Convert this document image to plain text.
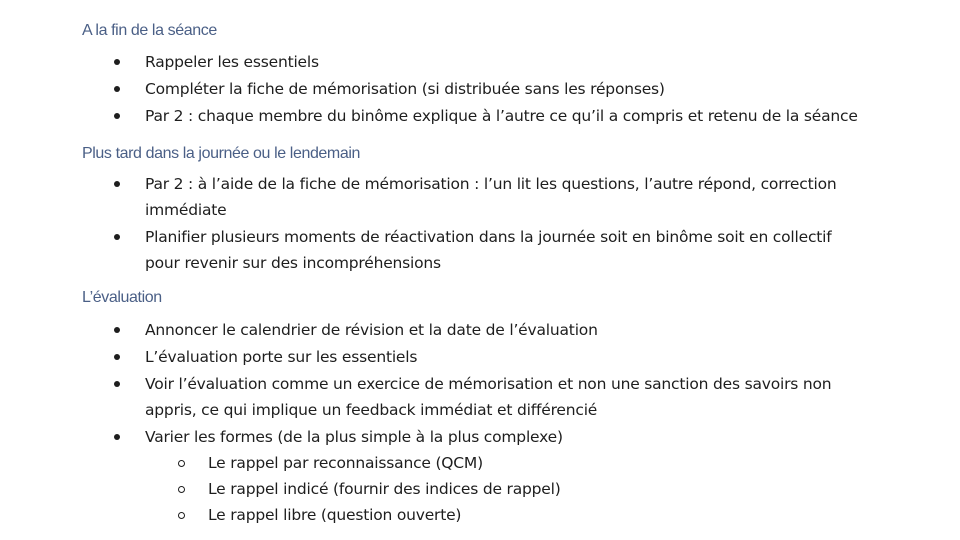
A la fin de la séance
Rappeler les essentiels
Compléter la fiche de mémorisation (si distribuée sans les réponses)
Par 2 : chaque membre du binôme explique à l’autre ce qu’il a compris et retenu de la séance
Plus tard dans la journée ou le lendemain
Par 2 : à l’aide de la fiche de mémorisation : l’un lit les questions, l’autre répond, correction
immédiate
Planifier plusieurs moments de réactivation dans la journée soit en binôme soit en collectif
pour revenir sur des incompréhensions
L’évaluation
Annoncer le calendrier de révision et la date de l’évaluation
L’évaluation porte sur les essentiels
Voir l’évaluation comme un exercice de mémorisation et non une sanction des savoirs non
appris, ce qui implique un feedback immédiat et différencié
Varier les formes (de la plus simple à la plus complexe)
Le rappel par reconnaissance (QCM)
Le rappel indicé (fournir des indices de rappel)
Le rappel libre (question ouverte)
